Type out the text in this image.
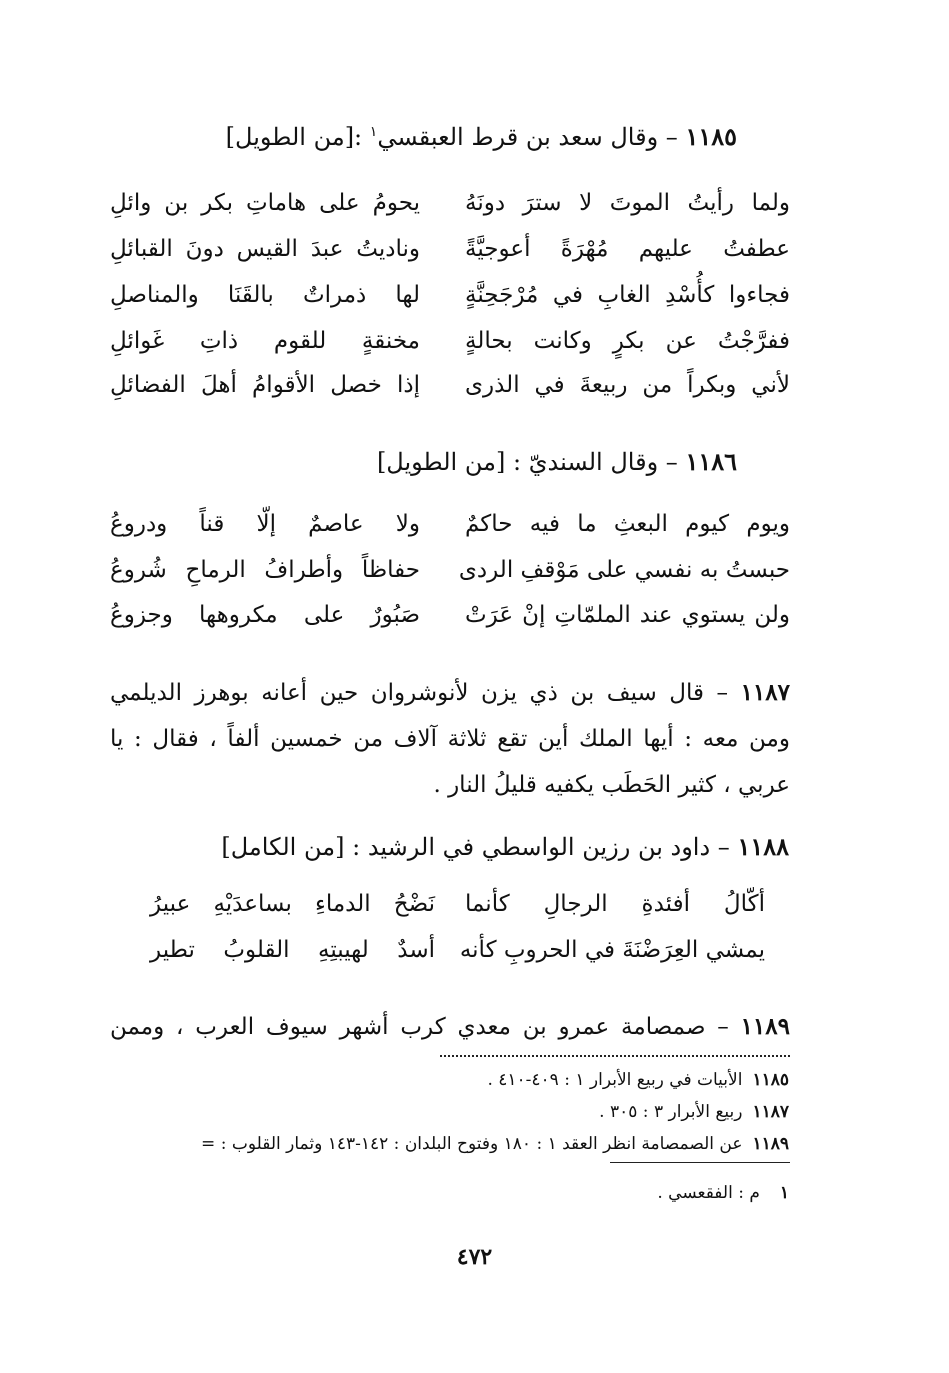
١١٨٥ – وقال سعد بن قرط العبقسي$^١$ :[من الطويل]
ولما رأيتُ الموتَ لا سترَ دونَهُ
يحومُ على هاماتِ بكر بن وائلِ
عطفتُ عليهم مُهْرَةً أعوجيَّةً
وناديتُ عبدَ القيس دونَ القبائلِ
فجاءوا كأُسْدِ الغابِ في مُرْجَحِنَّةٍ
لها ذمراتٌ بالقَنَا والمناصلِ
ففرَّجْتُ عن بكرٍ وكانت بحالةٍ
مخنقةٍ للقوم ذاتِ غَوائلِ
لأني وبكراً من ربيعةَ في الذرى
إذا خصل الأقوامُ أهلَ الفضائلِ
١١٨٦ – وقال السنديّ : [من الطويل]
ويوم كيوم البعثِ ما فيه حاكمٌ
ولا عاصمٌ إلّا قناً ودروعُ
حبستُ به نفسي على مَوْقفِ الردى
حفاظاً وأطرافُ الرماحِ شُروعُ
ولن يستوي عند الملمّاتِ إنْ عَرَتْ
صَبُورٌ على مكروهها وجزوعُ
١١٨٧ – قال سيف بن ذي يزن لأنوشروان حين أعانه بوهرز الديلمي
ومن معه : أيها الملك أين تقع ثلاثة آلاف من خمسين ألفاً ، فقال : يا
عربي ، كثير الحَطَب يكفيه قليلُ النار .
١١٨٨ – داود بن رزين الواسطي في الرشيد : [من الكامل]
أكّالُ أفئدةِ الرجالِ كأنما
نَضْحُ الدماءِ بساعدَيْهِ عبيرُ
يمشي العِرَضْنَةَ في الحروبِ كأنه
أسدٌ لهيبتِهِ القلوبُ تطير
١١٨٩ – صمصامة عمرو بن معدي كرب أشهر سيوف العرب ، وممن
١١٨٥الأبيات في ربيع الأبرار ١ : ٤٠٩-٤١٠ .
١١٨٧ربيع الأبرار ٣ : ٣٠٥ .
١١٨٩عن الصمصامة انظر العقد ١ : ١٨٠ وفتوح البلدان : ١٤٢-١٤٣ وثمار القلوب : =
١م : الفقعسي .
٤٧٢
